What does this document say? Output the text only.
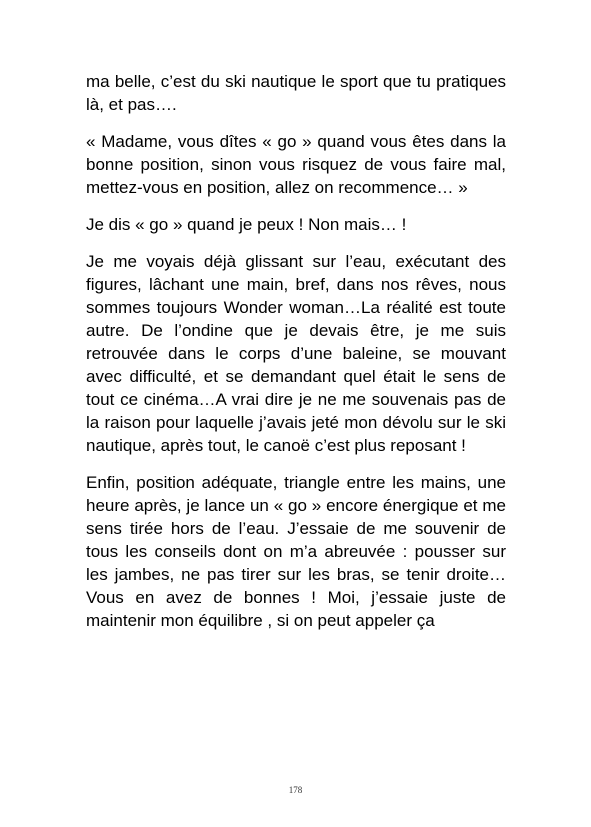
ma belle, c’est du ski nautique le sport que tu pratiques là, et pas….

« Madame, vous dîtes « go » quand vous êtes dans la bonne position, sinon vous risquez de vous faire mal, mettez-vous en position, allez on recommence… »

Je dis « go » quand je peux ! Non mais… !

Je me voyais déjà glissant sur l’eau, exécutant des figures, lâchant une main, bref, dans nos rêves, nous sommes toujours Wonder woman…La réalité est toute autre. De l’ondine que je devais être, je me suis retrouvée dans le corps d’une baleine, se mouvant avec difficulté, et se demandant quel était le sens de tout ce cinéma…A vrai dire je ne me souvenais pas de la raison pour laquelle j’avais jeté mon dévolu sur le ski nautique, après tout, le canoë c’est plus reposant !

Enfin, position adéquate, triangle entre les mains, une heure après, je lance un « go » encore énergique et me sens tirée hors de l’eau. J’essaie de me souvenir de tous les conseils dont on m’a abreuvée : pousser sur les jambes, ne pas tirer sur les bras, se tenir droite…Vous en avez de bonnes ! Moi, j’essaie juste de maintenir mon équilibre , si on peut appeler ça

178
